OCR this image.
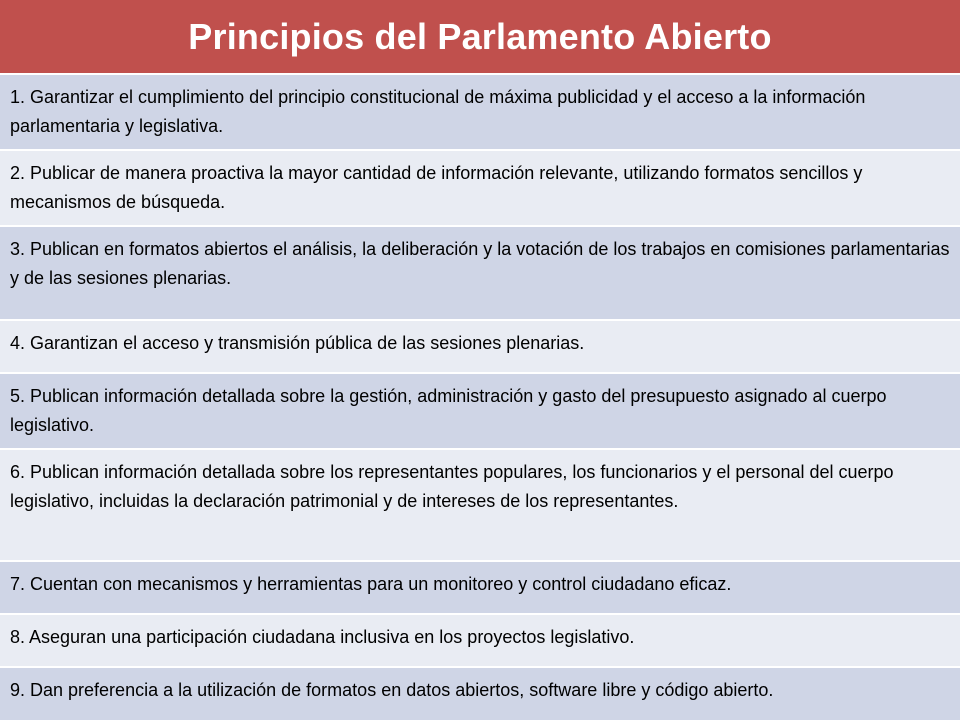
Principios del Parlamento Abierto
1. Garantizar el cumplimiento del principio constitucional de máxima publicidad y el acceso a la información parlamentaria y legislativa.
2. Publicar de manera proactiva la mayor cantidad de información relevante, utilizando formatos sencillos y mecanismos de búsqueda.
3. Publican en formatos abiertos el análisis, la deliberación y la votación de los trabajos en comisiones parlamentarias y de las sesiones plenarias.
4. Garantizan el acceso y transmisión pública de las sesiones plenarias.
5. Publican información detallada sobre la gestión, administración y gasto del presupuesto asignado al cuerpo legislativo.
6. Publican información detallada sobre los representantes populares, los funcionarios y el personal del cuerpo legislativo, incluidas la declaración patrimonial y de intereses de los representantes.
7. Cuentan con mecanismos y herramientas para un monitoreo y control ciudadano eficaz.
8. Aseguran una participación ciudadana inclusiva en los proyectos legislativo.
9. Dan preferencia a la utilización de formatos en datos abiertos, software libre y código abierto.
